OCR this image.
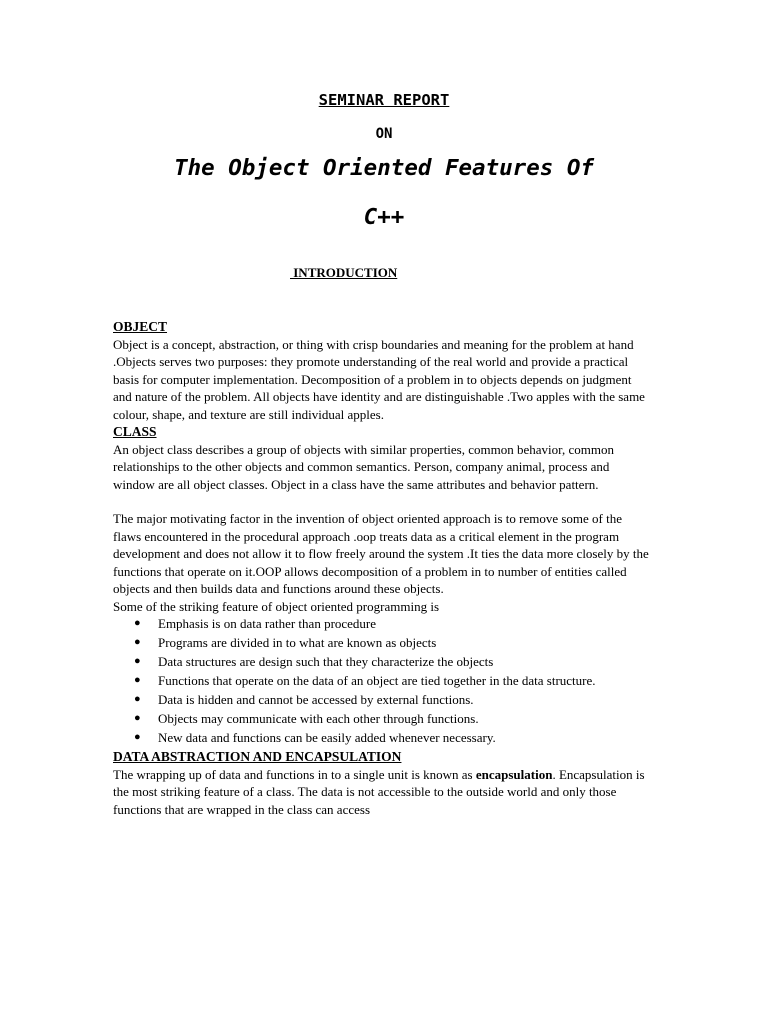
SEMINAR REPORT
ON
The Object Oriented Features Of
C++
INTRODUCTION
OBJECT

Object is a concept, abstraction, or thing with crisp boundaries and meaning for the problem at hand .Objects serves two purposes: they promote understanding of the real world and provide a practical basis for computer implementation. Decomposition of a problem in to objects depends on judgment and nature of the problem. All objects have identity and are distinguishable .Two apples with the same colour, shape, and texture are still individual apples.

CLASS

An object class describes a group of objects with similar properties, common behavior, common relationships to the other objects and common semantics. Person, company animal, process and window are all object classes. Object in a class have the same attributes and behavior pattern.

The major motivating factor in the invention of object oriented approach is to remove some of the flaws encountered in the procedural approach .oop treats data as a critical element in the program development and does not allow it to flow freely around the system .It ties the data more closely by the functions that operate on it.OOP allows decomposition of a problem in to number of entities called objects and then builds data and functions around these objects.

Some of the striking feature of object oriented programming is

● Emphasis is on data rather than procedure
● Programs are divided in to what are known as objects
● Data structures are design such that they characterize the objects
● Functions that operate on the data of an object are tied together in the data structure.
● Data is hidden and cannot be accessed by external functions.
● Objects may communicate with each other through functions.
● New data and functions can be easily added whenever necessary.
DATA ABSTRACTION AND ENCAPSULATION

The wrapping up of data and functions in to a single unit is known as encapsulation. Encapsulation is the most striking feature of a class. The data is not accessible to the outside world and only those functions that are wrapped in the class can access
